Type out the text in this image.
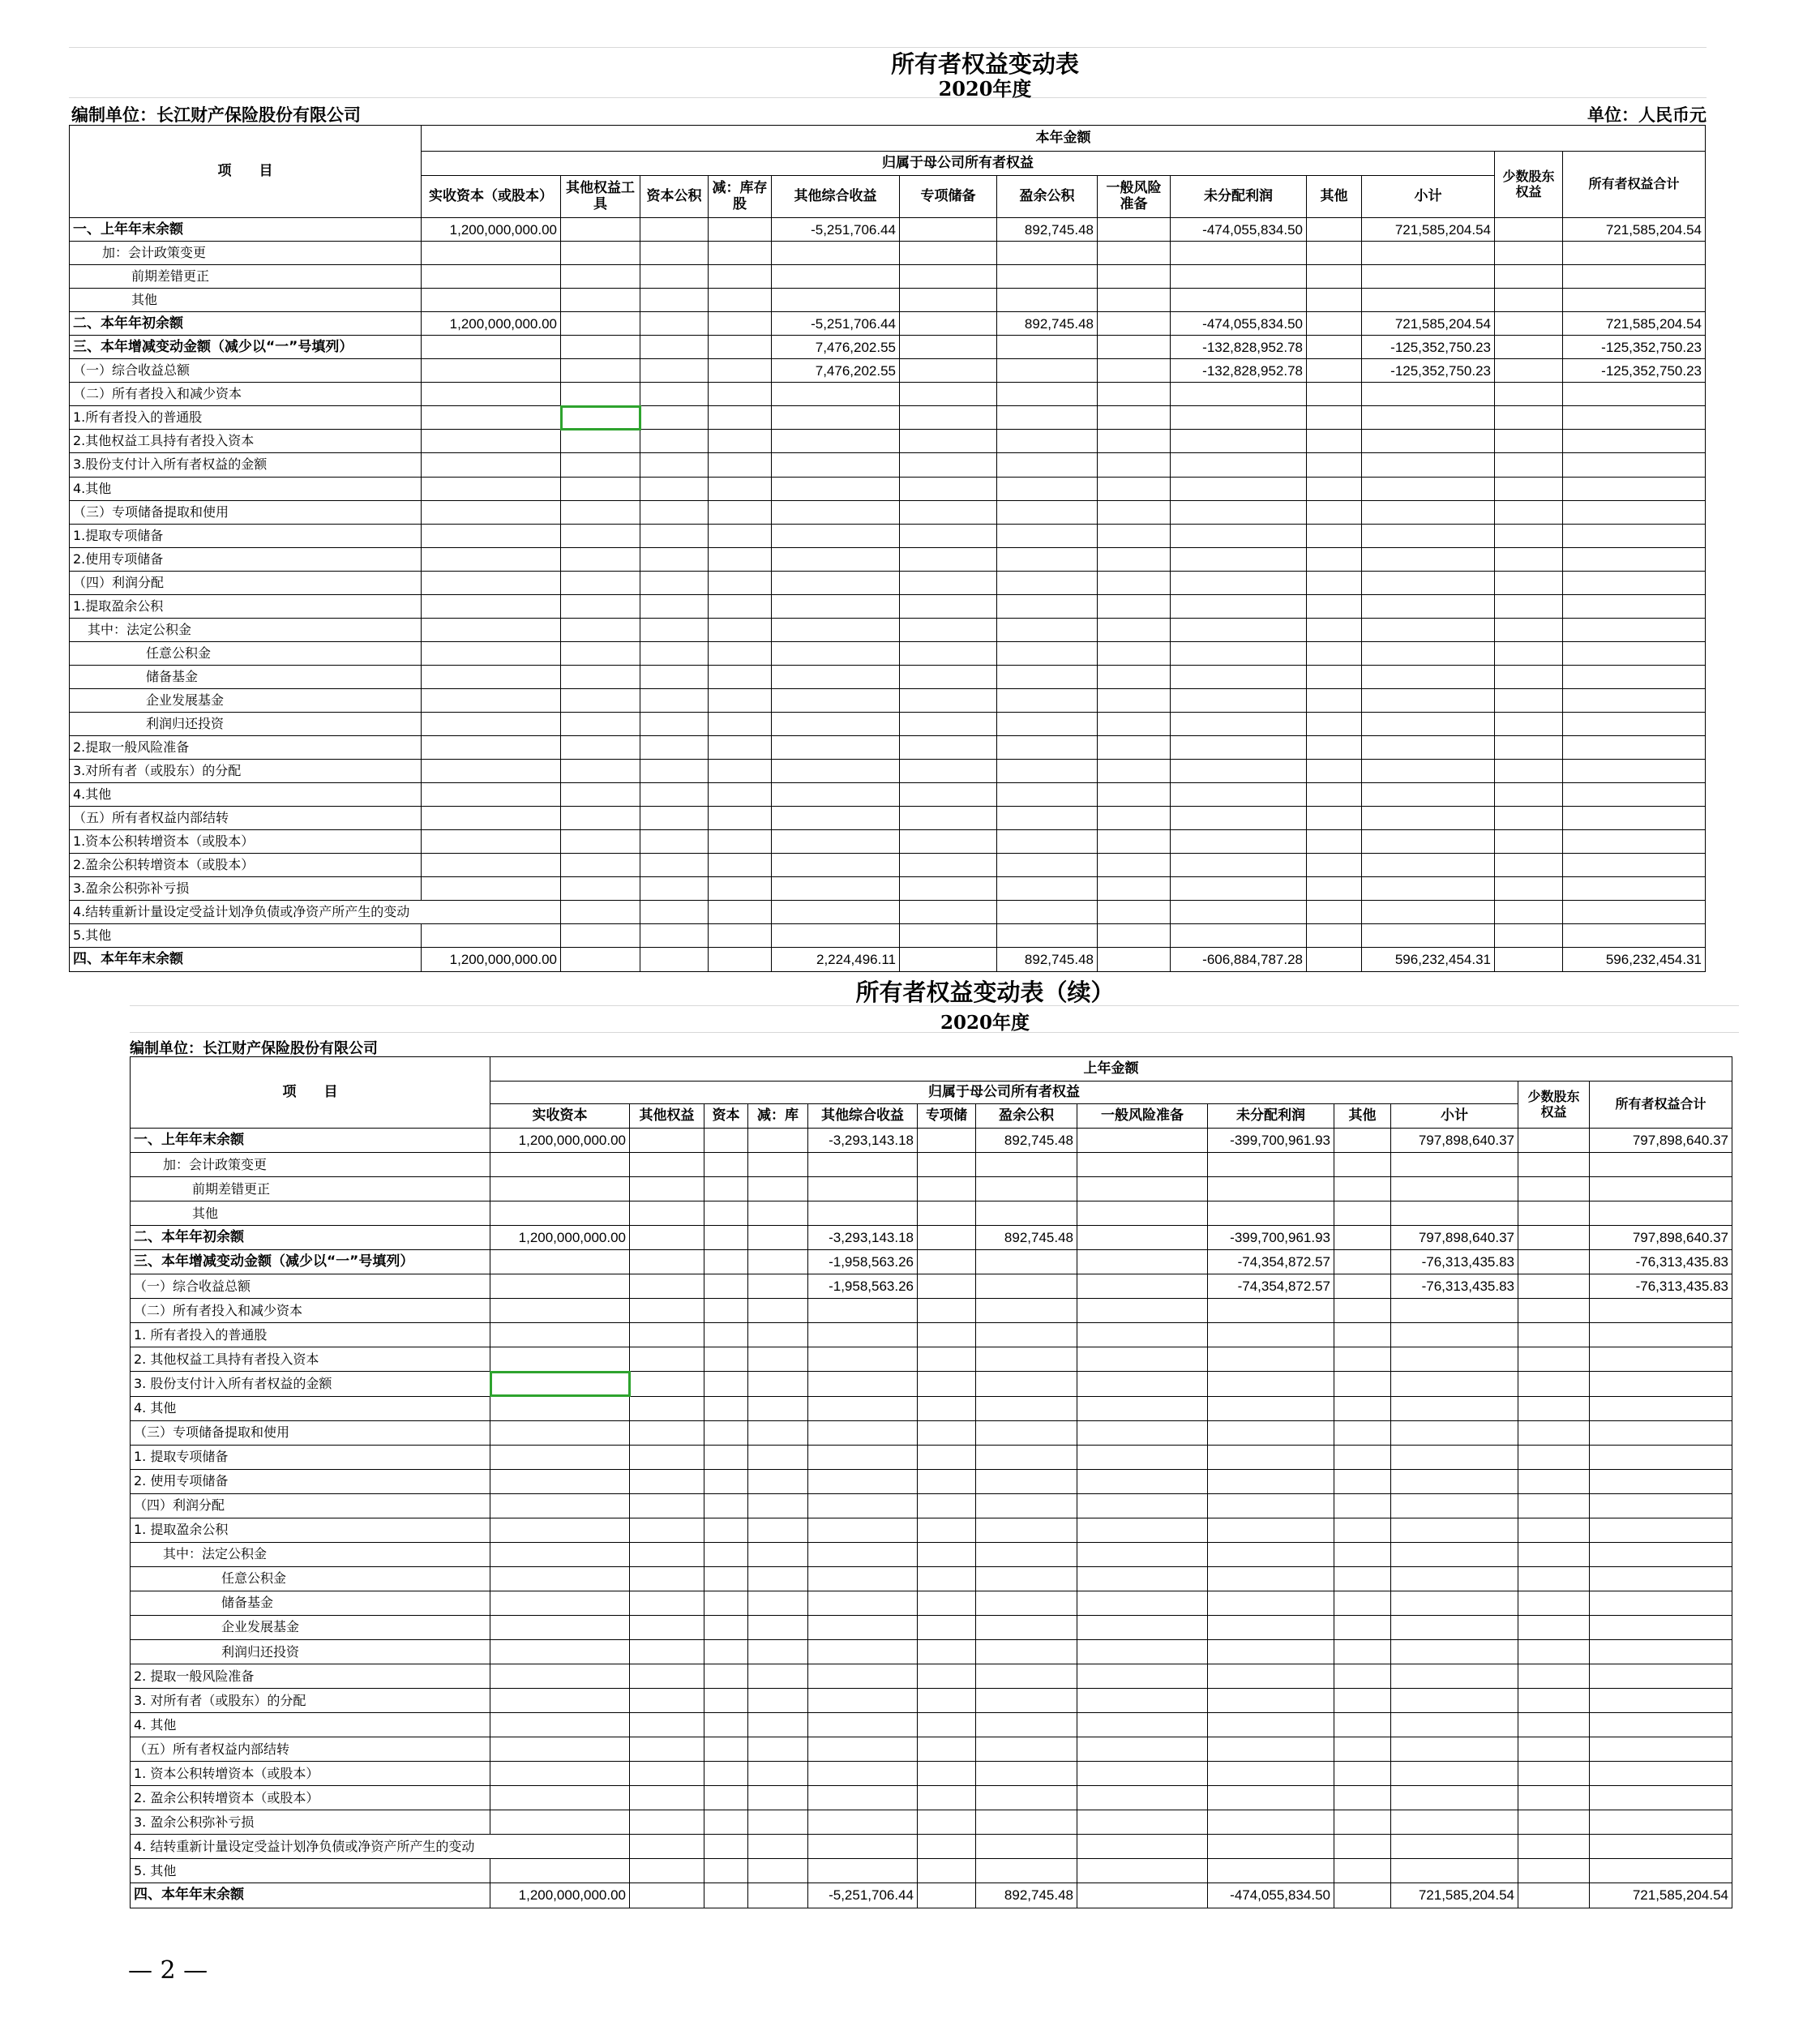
所有者权益变动表
2020年度
编制单位：长江财产保险股份有限公司	单位：人民币元
项　　目	本年金额												
	归属于母公司所有者权益											少数股东权益	所有者权益合计
	实收资本（或股本）	其他权益工具	资本公积	减：库存股	其他综合收益	专项储备	盈余公积	一般风险准备	未分配利润	其他	小计		
一、上年年末余额	1,200,000,000.00				-5,251,706.44		892,745.48		-474,055,834.50		721,585,204.54		721,585,204.54
加：会计政策变更													
前期差错更正													
其他													
二、本年年初余额	1,200,000,000.00				-5,251,706.44		892,745.48		-474,055,834.50		721,585,204.54		721,585,204.54
三、本年增减变动金额（减少以“一”号填列）					7,476,202.55				-132,828,952.78		-125,352,750.23		-125,352,750.23
（一）综合收益总额					7,476,202.55				-132,828,952.78		-125,352,750.23		-125,352,750.23
（二）所有者投入和减少资本													
1.所有者投入的普通股													
2.其他权益工具持有者投入资本													
3.股份支付计入所有者权益的金额													
4.其他													
（三）专项储备提取和使用													
1.提取专项储备													
2.使用专项储备													
（四）利润分配													
1.提取盈余公积													
其中：法定公积金													
任意公积金													
储备基金													
企业发展基金													
利润归还投资													
2.提取一般风险准备													
3.对所有者（或股东）的分配													
4.其他													
（五）所有者权益内部结转													
1.资本公积转增资本（或股本）													
2.盈余公积转增资本（或股本）													
3.盈余公积弥补亏损													
4.结转重新计量设定受益计划净负债或净资产所产生的变动													
5.其他													
四、本年年末余额	1,200,000,000.00				2,224,496.11		892,745.48		-606,884,787.28		596,232,454.31		596,232,454.31
所有者权益变动表（续）
2020年度
编制单位：长江财产保险股份有限公司
项　　目	上年金额												
	归属于母公司所有者权益											少数股东权益	所有者权益合计
	实收资本	其他权益	资本	减：库	其他综合收益	专项储	盈余公积	一般风险准备	未分配利润	其他	小计		
一、上年年末余额	1,200,000,000.00				-3,293,143.18		892,745.48		-399,700,961.93		797,898,640.37		797,898,640.37
加：会计政策变更													
前期差错更正													
其他													
二、本年年初余额	1,200,000,000.00				-3,293,143.18		892,745.48		-399,700,961.93		797,898,640.37		797,898,640.37
三、本年增减变动金额（减少以“一”号填列）					-1,958,563.26				-74,354,872.57		-76,313,435.83		-76,313,435.83
（一）综合收益总额					-1,958,563.26				-74,354,872.57		-76,313,435.83		-76,313,435.83
（二）所有者投入和减少资本													
1. 所有者投入的普通股													
2. 其他权益工具持有者投入资本													
3. 股份支付计入所有者权益的金额													
4. 其他													
（三）专项储备提取和使用													
1. 提取专项储备													
2. 使用专项储备													
（四）利润分配													
1. 提取盈余公积													
其中：法定公积金													
任意公积金													
储备基金													
企业发展基金													
利润归还投资													
2. 提取一般风险准备													
3. 对所有者（或股东）的分配													
4. 其他													
（五）所有者权益内部结转													
1. 资本公积转增资本（或股本）													
2. 盈余公积转增资本（或股本）													
3. 盈余公积弥补亏损													
4. 结转重新计量设定受益计划净负债或净资产所产生的变动													
5. 其他													
四、本年年末余额	1,200,000,000.00				-5,251,706.44		892,745.48		-474,055,834.50		721,585,204.54		721,585,204.54
— 2 —
